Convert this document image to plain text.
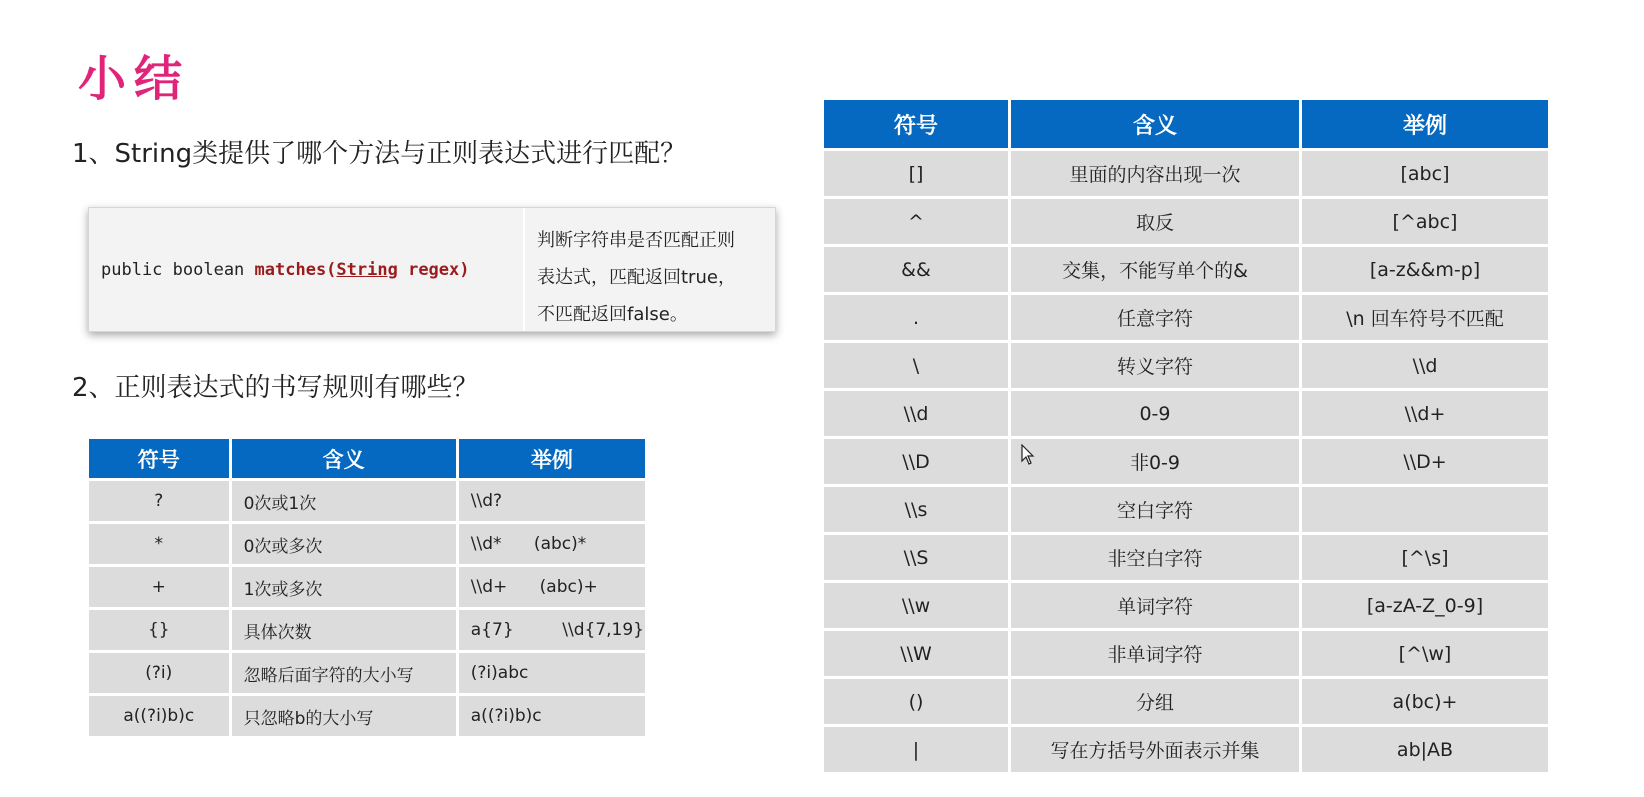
小结
1、String类提供了哪个方法与正则表达式进行匹配？
public boolean matches( String regex)
判断字符串是否匹配正则
表达式，匹配返回true，
不匹配返回false。
2、正则表达式的书写规则有哪些？
符号	含义	举例
?	0次或1次	\\d?
*	0次或多次	\\d*      (abc)*
+	1次或多次	\\d+      (abc)+
{}	具体次数	a{7}         \\d{7,19}
(?i)	忽略后面字符的大小写	(?i)abc
a((?i)b)c	只忽略b的大小写	a((?i)b)c
符号	含义	举例
[]	里面的内容出现一次	[abc]
^	取反	[^abc]
&&	交集，不能写单个的&	[a-z&&m-p]
.	任意字符	\n 回车符号不匹配
\	转义字符	\\d
\\d	0-9	\\d+
\\D	非0-9	\\D+
\\s	空白字符	
\\S	非空白字符	[^\s]
\\w	单词字符	[a-zA-Z_0-9]
\\W	非单词字符	[^\w]
()	分组	a(bc)+
|	写在方括号外面表示并集	ab|AB
